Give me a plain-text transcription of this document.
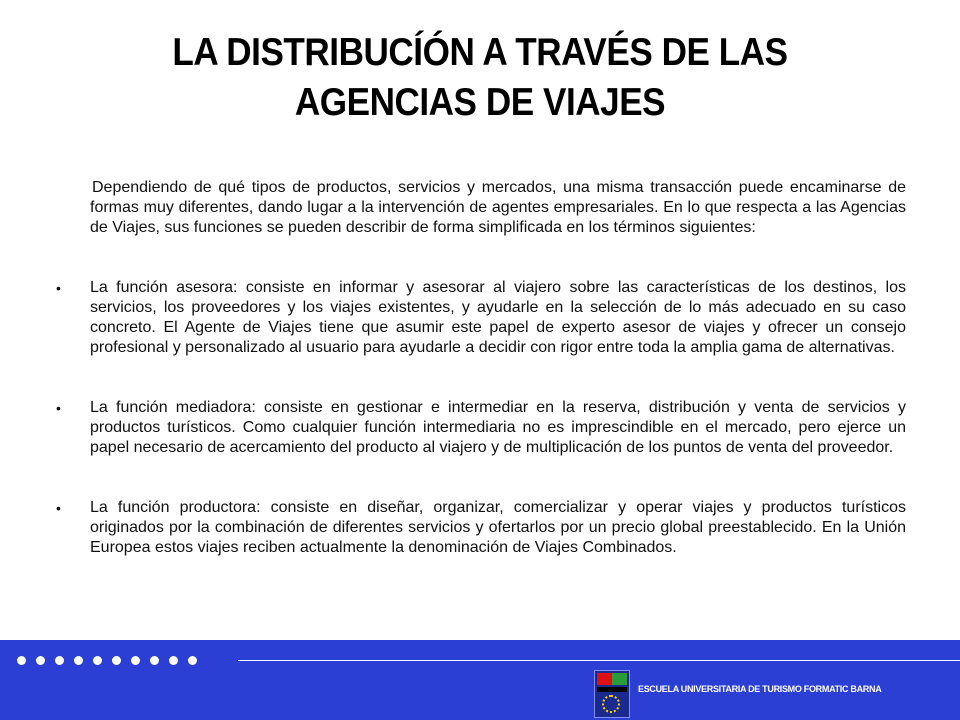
LA DISTRIBUCÍÓN A TRAVÉS DE LAS
AGENCIAS DE VIAJES

Dependiendo de qué tipos de productos, servicios y mercados, una misma transacción puede encaminarse de formas muy diferentes, dando lugar a la intervención de agentes empresariales. En lo que respecta a las Agencias de Viajes, sus funciones se pueden describir de forma simplificada en los términos siguientes:

• La función asesora: consiste en informar y asesorar al viajero sobre las características de los destinos, los servicios, los proveedores y los viajes existentes, y ayudarle en la selección de lo más adecuado en su caso concreto. El Agente de Viajes tiene que asumir este papel de experto asesor de viajes y ofrecer un consejo profesional y personalizado al usuario para ayudarle a decidir con rigor entre toda la amplia gama de alternativas.
• La función mediadora: consiste en gestionar e intermediar en la reserva, distribución y venta de servicios y productos turísticos. Como cualquier función intermediaria no es imprescindible en el mercado, pero ejerce un papel necesario de acercamiento del producto al viajero y de multiplicación de los puntos de venta del proveedor.
• La función productora: consiste en diseñar, organizar, comercializar y operar viajes y productos turísticos originados por la combinación de diferentes servicios y ofertarlos por un precio global preestablecido. En la Unión Europea estos viajes reciben actualmente la denominación de Viajes Combinados.
ESCUELA UNIVERSITARIA DE TURISMO FORMATIC BARNA
